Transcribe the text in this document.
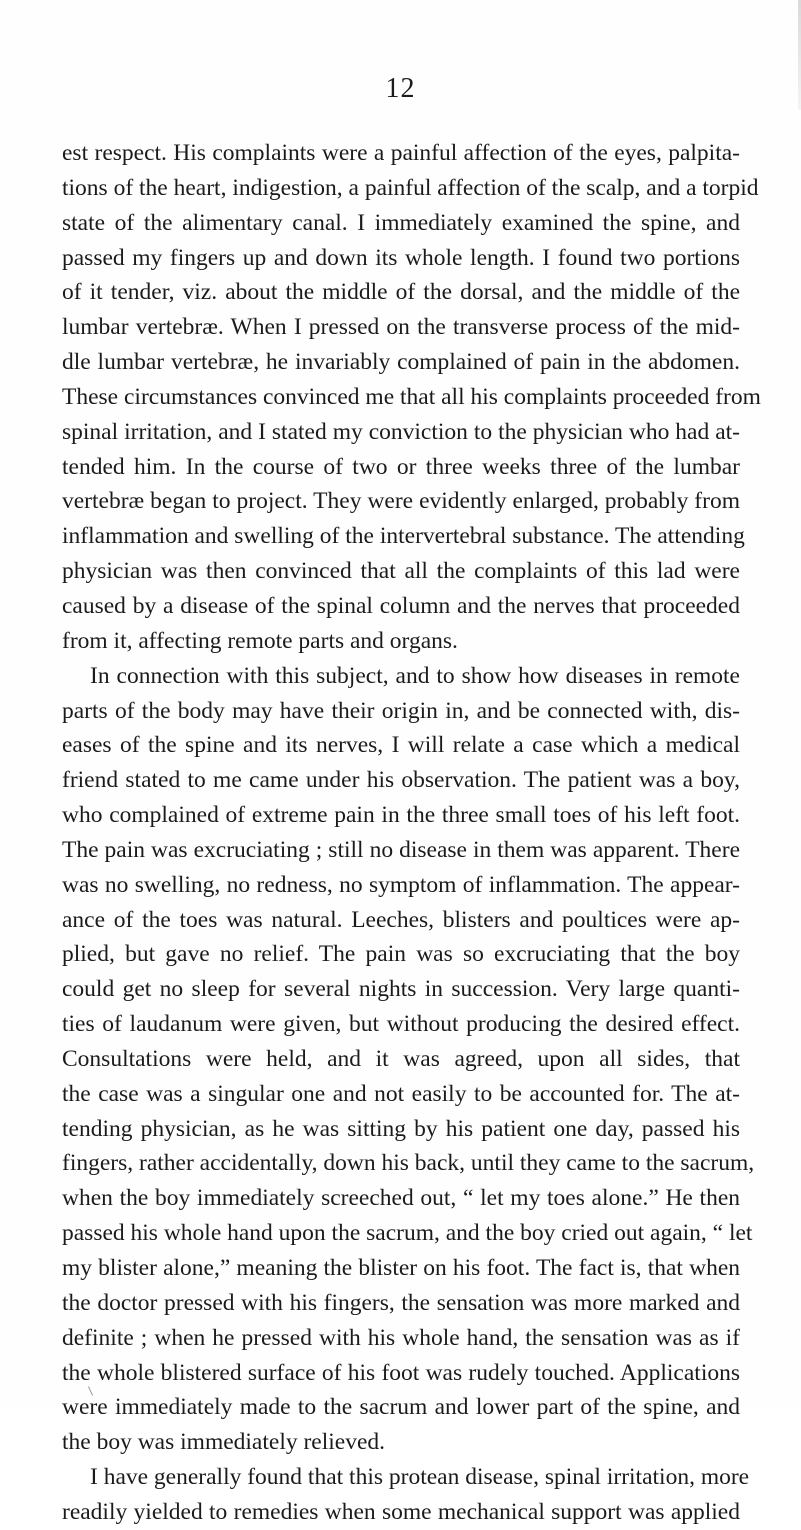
12
est respect. His complaints were a painful affection of the eyes, palpita-
tions of the heart, indigestion, a painful affection of the scalp, and a torpid
state of the alimentary canal. I immediately examined the spine, and
passed my fingers up and down its whole length. I found two portions
of it tender, viz. about the middle of the dorsal, and the middle of the
lumbar vertebræ. When I pressed on the transverse process of the mid-
dle lumbar vertebræ, he invariably complained of pain in the abdomen.
These circumstances convinced me that all his complaints proceeded from
spinal irritation, and I stated my conviction to the physician who had at-
tended him. In the course of two or three weeks three of the lumbar
vertebræ began to project. They were evidently enlarged, probably from
inflammation and swelling of the intervertebral substance. The attending
physician was then convinced that all the complaints of this lad were
caused by a disease of the spinal column and the nerves that proceeded
from it, affecting remote parts and organs.
In connection with this subject, and to show how diseases in remote
parts of the body may have their origin in, and be connected with, dis-
eases of the spine and its nerves, I will relate a case which a medical
friend stated to me came under his observation. The patient was a boy,
who complained of extreme pain in the three small toes of his left foot.
The pain was excruciating ; still no disease in them was apparent. There
was no swelling, no redness, no symptom of inflammation. The appear-
ance of the toes was natural. Leeches, blisters and poultices were ap-
plied, but gave no relief. The pain was so excruciating that the boy
could get no sleep for several nights in succession. Very large quanti-
ties of laudanum were given, but without producing the desired effect.
Consultations were held, and it was agreed, upon all sides, that
the case was a singular one and not easily to be accounted for. The at-
tending physician, as he was sitting by his patient one day, passed his
fingers, rather accidentally, down his back, until they came to the sacrum,
when the boy immediately screeched out, “ let my toes alone.” He then
passed his whole hand upon the sacrum, and the boy cried out again, “ let
my blister alone,” meaning the blister on his foot. The fact is, that when
the doctor pressed with his fingers, the sensation was more marked and
definite ; when he pressed with his whole hand, the sensation was as if
the whole blistered surface of his foot was rudely touched. Applications
were immediately made to the sacrum and lower part of the spine, and
the boy was immediately relieved.
I have generally found that this protean disease, spinal irritation, more
readily yielded to remedies when some mechanical support was applied
